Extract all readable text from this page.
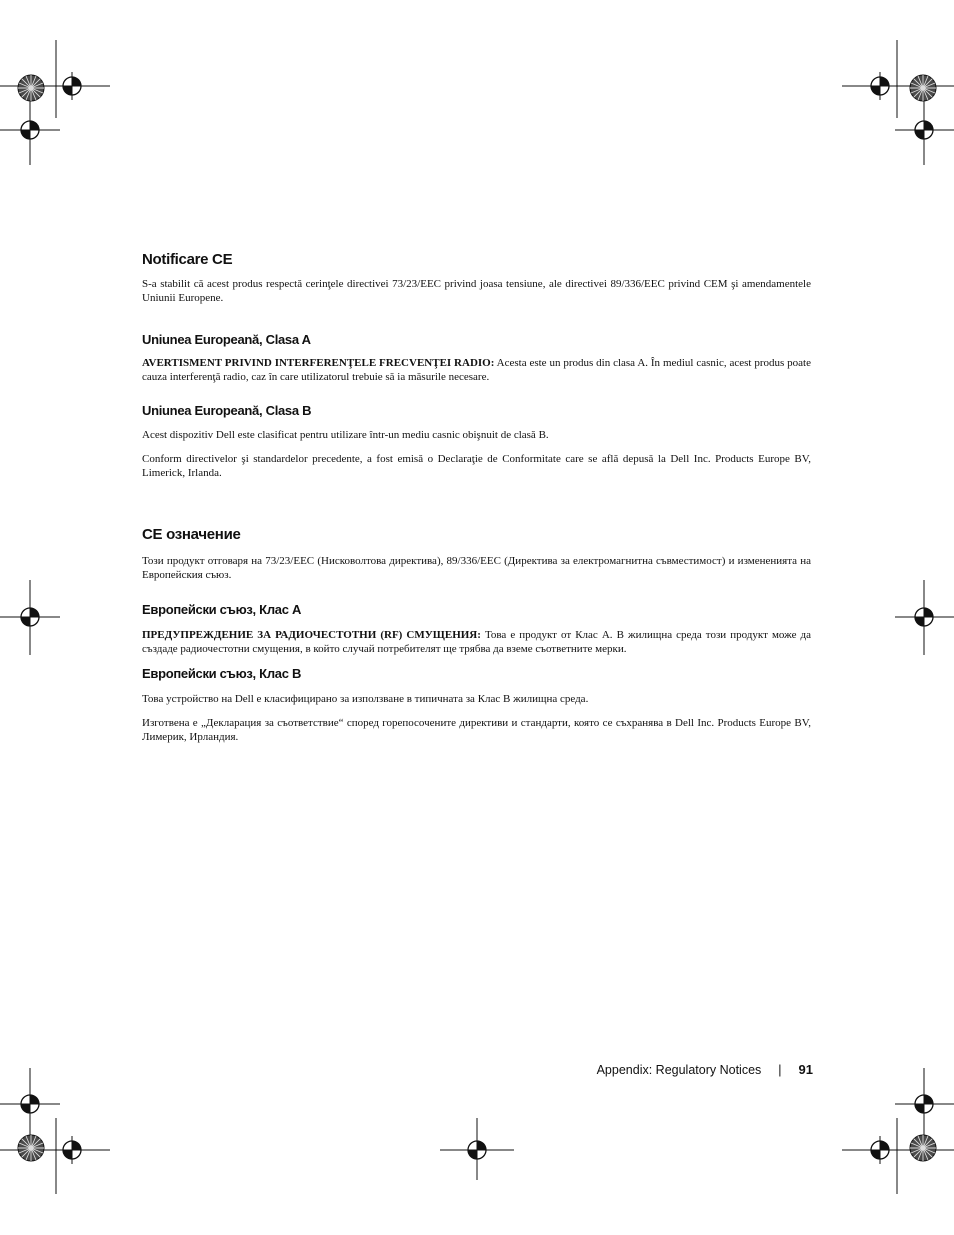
Notificare CE

S-a stabilit că acest produs respectă cerinţele directivei 73/23/EEC privind joasa tensiune, ale directivei 89/336/EEC privind CEM şi amendamentele Uniunii Europene.

Uniunea Europeană, Clasa A

AVERTISMENT PRIVIND INTERFERENŢELE FRECVENŢEI RADIO: Acesta este un produs din clasa A. În mediul casnic, acest produs poate cauza interferenţă radio, caz în care utilizatorul trebuie să ia măsurile necesare.

Uniunea Europeană, Clasa B

Acest dispozitiv Dell este clasificat pentru utilizare într-un mediu casnic obişnuit de clasă B.

Conform directivelor şi standardelor precedente, a fost emisă o Declaraţie de Conformitate care se află depusă la Dell Inc. Products Europe BV, Limerick, Irlanda.

CE означение

Този продукт отговаря на 73/23/EEC (Нисковолтова директива), 89/336/EEC (Директива за електромагнитна съвместимост) и измененията на Европейския съюз.

Европейски съюз, Клас А

ПРЕДУПРЕЖДЕНИЕ ЗА РАДИОЧЕСТОТНИ (RF) СМУЩЕНИЯ: Това е продукт от Клас А. В жилищна среда този продукт може да създаде радиочестотни смущения, в който случай потребителят ще трябва да вземе съответните мерки.

Европейски съюз, Клас В

Това устройство на Dell е класифицирано за използване в типичната за Клас В жилищна среда.

Изготвена е „Декларация за съответствие“ според горепосочените директиви и стандарти, която се съхранява в Dell Inc. Products Europe BV, Лимерик, Ирландия.

Appendix: Regulatory Notices | 91
